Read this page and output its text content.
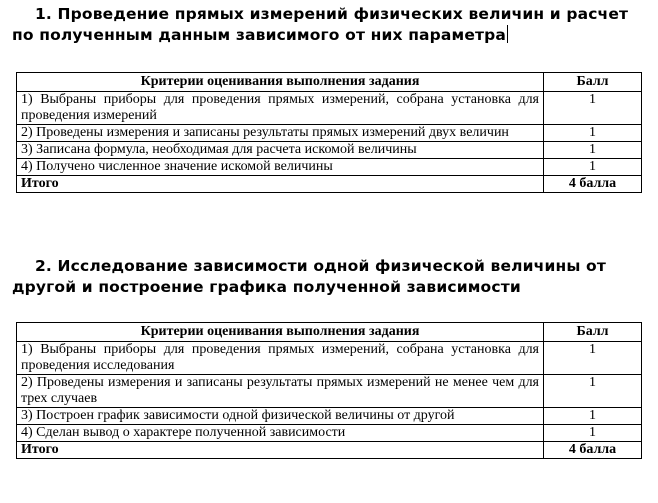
1. Проведение прямых измерений физических величин и расчет
по полученным данным зависимого от них параметра
Критерии оценивания выполнения задания	Балл
1) Выбраны приборы для проведения прямых измерений, собрана установка для проведения измерений	1
2) Проведены измерения и записаны результаты прямых измерений двух величин	1
3) Записана формула, необходимая для расчета искомой величины	1
4) Получено численное значение искомой величины	1
Итого	4 балла
2. Исследование зависимости одной физической величины от
другой и построение графика полученной зависимости
Критерии оценивания выполнения задания	Балл
1) Выбраны приборы для проведения прямых измерений, собрана установка для проведения исследования	1
2) Проведены измерения и записаны результаты прямых измерений не менее чем для трех случаев	1
3) Построен график зависимости одной физической величины от другой	1
4) Сделан вывод о характере полученной зависимости	1
Итого	4 балла
